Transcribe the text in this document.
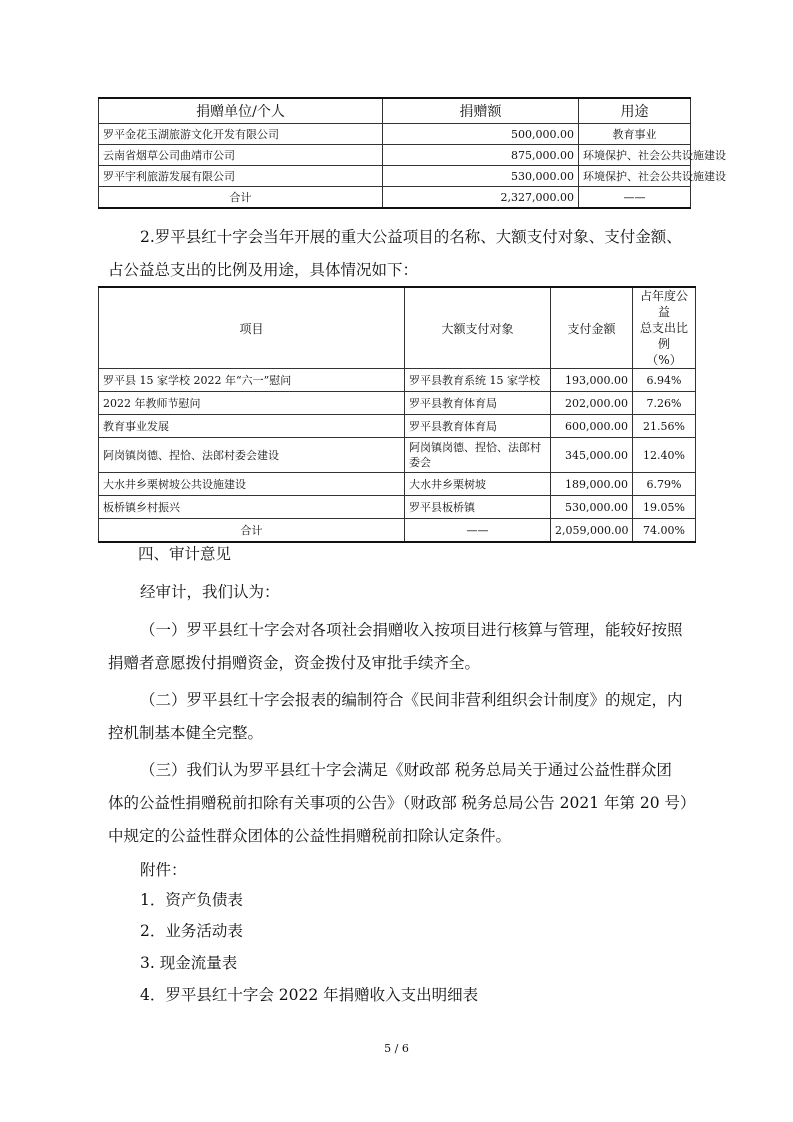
捐赠单位/个人	捐赠额	用途
罗平金花玉湖旅游文化开发有限公司	500,000.00	教育事业
云南省烟草公司曲靖市公司	875,000.00	环境保护、社会公共设施建设
罗平宇利旅游发展有限公司	530,000.00	环境保护、社会公共设施建设
合计	2,327,000.00	——
2.罗平县红十字会当年开展的重大公益项目的名称、大额支付对象、支付金额、
占公益总支出的比例及用途，具体情况如下：
项目	大额支付对象	支付金额	占年度公益
总支出比例
（%）

罗平县 15 家学校 2022 年“六一”慰问	罗平县教育系统 15 家学校	193,000.00	6.94%
2022 年教师节慰问	罗平县教育体育局	202,000.00	7.26%
教育事业发展	罗平县教育体育局	600,000.00	21.56%
阿岗镇岗德、捏恰、法郎村委会建设	阿岗镇岗德、捏恰、法郎村委会	345,000.00	12.40%
大水井乡栗树坡公共设施建设	大水井乡栗树坡	189,000.00	6.79%
板桥镇乡村振兴	罗平县板桥镇	530,000.00	19.05%
合计	——	2,059,000.00	74.00%
四、审计意见
经审计，我们认为：
（一）罗平县红十字会对各项社会捐赠收入按项目进行核算与管理，能较好按照
捐赠者意愿拨付捐赠资金，资金拨付及审批手续齐全。
（二）罗平县红十字会报表的编制符合《民间非营利组织会计制度》的规定，内
控机制基本健全完整。
（三）我们认为罗平县红十字会满足《财政部 税务总局关于通过公益性群众团
体的公益性捐赠税前扣除有关事项的公告》（财政部 税务总局公告 2021 年第 20 号）
中规定的公益性群众团体的公益性捐赠税前扣除认定条件。
附件：
1．资产负债表
2．业务活动表
3. 现金流量表
4．罗平县红十字会 2022 年捐赠收入支出明细表
5 / 6
